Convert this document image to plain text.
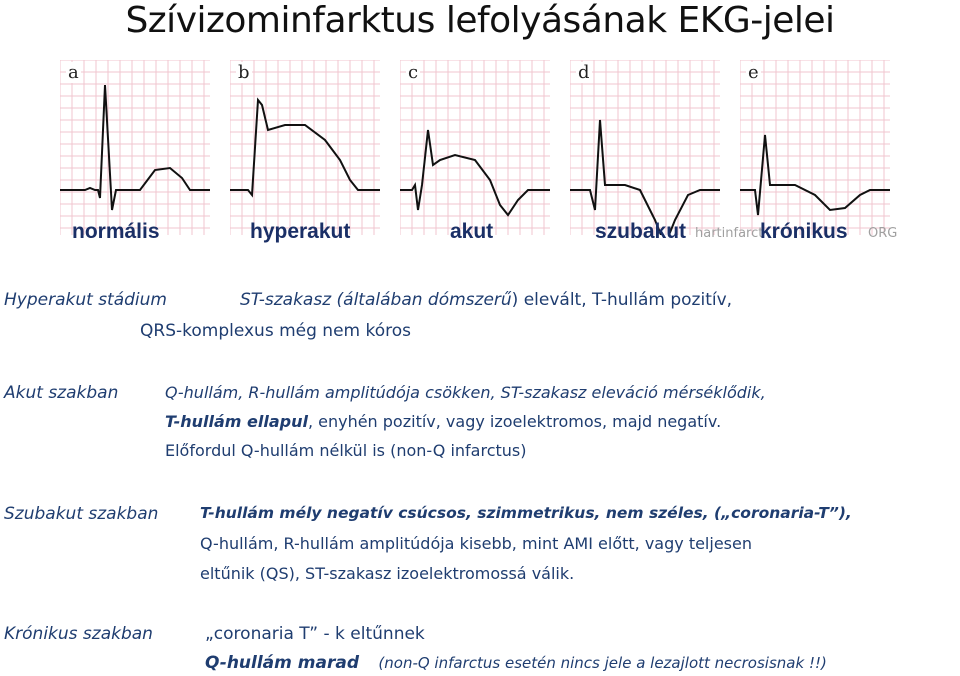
Szívizominfarktus lefolyásának EKG-jelei
a	b	c	d	e
normális	hyperakut	akut	szubakut hartinfarct
krónikus ORG
Hyperakut stádium	ST-szakasz (általában dómszerű) elevált, T-hullám pozitív,
QRS-komplexus még nem kóros
Akut szakban	Q-hullám, R-hullám amplitúdója csökken, ST-szakasz eleváció mérséklődik,
T-hullám ellapul, enyhén pozitív, vagy izoelektromos, majd negatív.
Előfordul Q-hullám nélkül is (non-Q infarctus)
Szubakut szakban	T-hullám mély negatív csúcsos, szimmetrikus, nem széles, („coronaria-T”),
Q-hullám, R-hullám amplitúdója kisebb, mint AMI előtt, vagy teljesen
eltűnik (QS), ST-szakasz izoelektromossá válik.
Krónikus szakban	„coronaria T” - k eltűnnek
Q-hullám marad (non-Q infarctus esetén nincs jele a lezajlott necrosisnak !!)
